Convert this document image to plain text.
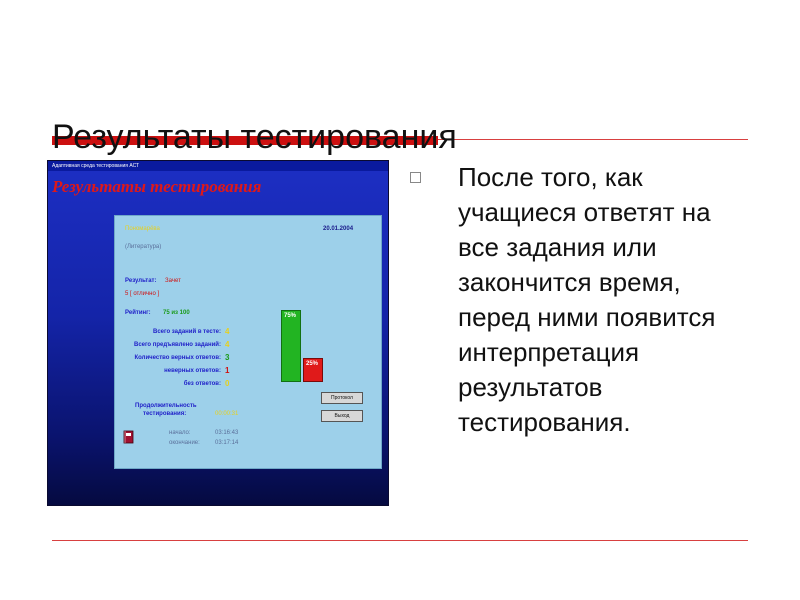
Результаты тестирования
После того, как учащиеся ответят на все задания или закончится время, перед ними появится интерпретация результатов тестирования.
Адаптивная среда тестирования АСТ
Результаты тестирования
Пономарёва
(Литература)
20.01.2004
Результат: Зачет
5 [ отлично ]
Рейтинг: 75 из 100
Всего заданий в тесте: 4
Всего предъявлено заданий: 4
Количество верных ответов: 3
неверных ответов: 1
без ответов: 0
Продолжительность
тестирования:	00:00:31
начало:	03:16:43
окончание:	03:17:14
75%
25%
Протокол
Выход
